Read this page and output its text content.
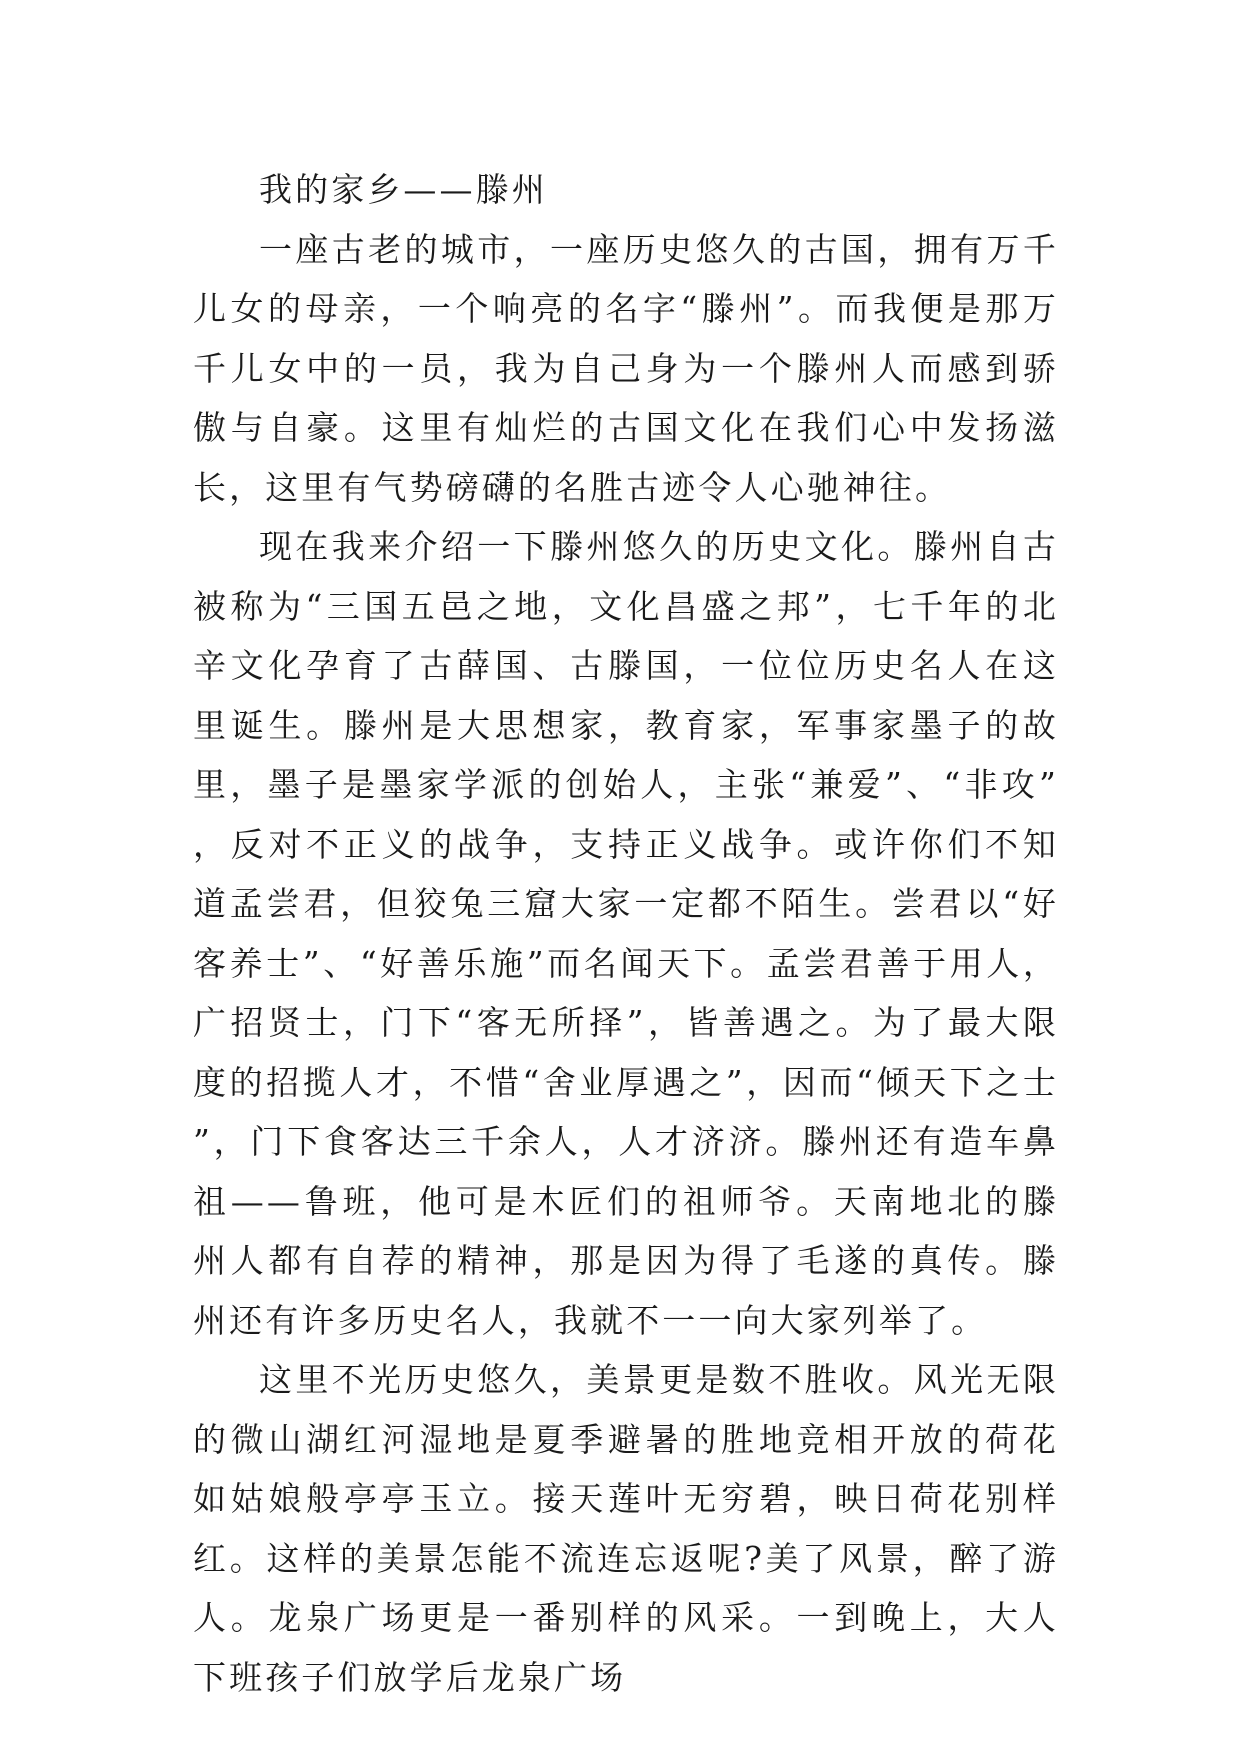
我的家乡——滕州

一座古老的城市，一座历史悠久的古国，拥有万千儿女的母亲，一个响亮的名字“滕州”。而我便是那万千儿女中的一员，我为自己身为一个滕州人而感到骄傲与自豪。这里有灿烂的古国文化在我们心中发扬滋长，这里有气势磅礴的名胜古迹令人心驰神往。

现在我来介绍一下滕州悠久的历史文化。滕州自古被称为“三国五邑之地，文化昌盛之邦”，七千年的北辛文化孕育了古薛国、古滕国，一位位历史名人在这里诞生。滕州是大思想家，教育家，军事家墨子的故里，墨子是墨家学派的创始人，主张“兼爱”、“非攻”，反对不正义的战争，支持正义战争。或许你们不知道孟尝君，但狡兔三窟大家一定都不陌生。尝君以“好客养士”、“好善乐施”而名闻天下。孟尝君善于用人，广招贤士，门下“客无所择”，皆善遇之。为了最大限度的招揽人才，不惜“舍业厚遇之”，因而“倾天下之士”，门下食客达三千余人，人才济济。滕州还有造车鼻祖——鲁班，他可是木匠们的祖师爷。天南地北的滕州人都有自荐的精神，那是因为得了毛遂的真传。滕州还有许多历史名人，我就不一一向大家列举了。

这里不光历史悠久，美景更是数不胜收。风光无限的微山湖红河湿地是夏季避暑的胜地竞相开放的荷花如姑娘般亭亭玉立。接天莲叶无穷碧，映日荷花别样红。这样的美景怎能不流连忘返呢?美了风景，醉了游人。龙泉广场更是一番别样的风采。一到晚上，大人下班孩子们放学后龙泉广场
